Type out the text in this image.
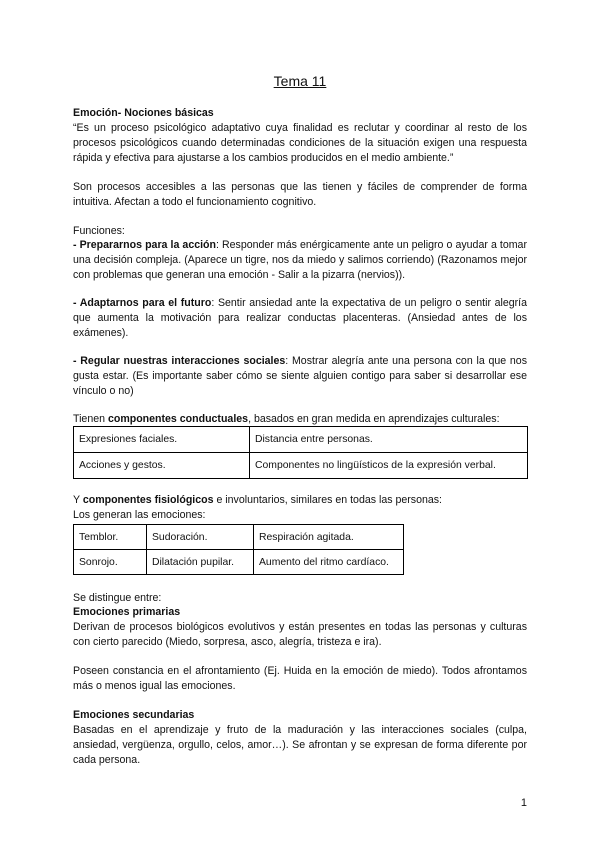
Tema 11
Emoción- Nociones básicas
“Es un proceso psicológico adaptativo cuya finalidad es reclutar y coordinar al resto de los procesos psicológicos cuando determinadas condiciones de la situación exigen una respuesta rápida y efectiva para ajustarse a los cambios producidos en el medio ambiente.”
Son procesos accesibles a las personas que las tienen y fáciles de comprender de forma intuitiva. Afectan a todo el funcionamiento cognitivo.
Funciones:
- Prepararnos para la acción: Responder más enérgicamente ante un peligro o ayudar a tomar una decisión compleja. (Aparece un tigre, nos da miedo y salimos corriendo) (Razonamos mejor con problemas que generan una emoción - Salir a la pizarra (nervios)).
- Adaptarnos para el futuro: Sentir ansiedad ante la expectativa de un peligro o sentir alegría que aumenta la motivación para realizar conductas placenteras. (Ansiedad antes de los exámenes).
- Regular nuestras interacciones sociales: Mostrar alegría ante una persona con la que nos gusta estar. (Es importante saber cómo se siente alguien contigo para saber si desarrollar ese vínculo o no)
Tienen componentes conductuales, basados en gran medida en aprendizajes culturales:
Expresiones faciales.	Distancia entre personas.
Acciones y gestos.	Componentes no lingüísticos de la expresión verbal.
Y componentes fisiológicos e involuntarios, similares en todas las personas:
Los generan las emociones:
Temblor.	Sudoración.	Respiración agitada.
Sonrojo.	Dilatación pupilar.	Aumento del ritmo cardíaco.
Se distingue entre:
Emociones primarias
Derivan de procesos biológicos evolutivos y están presentes en todas las personas y culturas con cierto parecido (Miedo, sorpresa, asco, alegría, tristeza e ira).
Poseen constancia en el afrontamiento (Ej. Huida en la emoción de miedo). Todos afrontamos más o menos igual las emociones.
Emociones secundarias
Basadas en el aprendizaje y fruto de la maduración y las interacciones sociales (culpa, ansiedad, vergüenza, orgullo, celos, amor…). Se afrontan y se expresan de forma diferente por cada persona.
1
